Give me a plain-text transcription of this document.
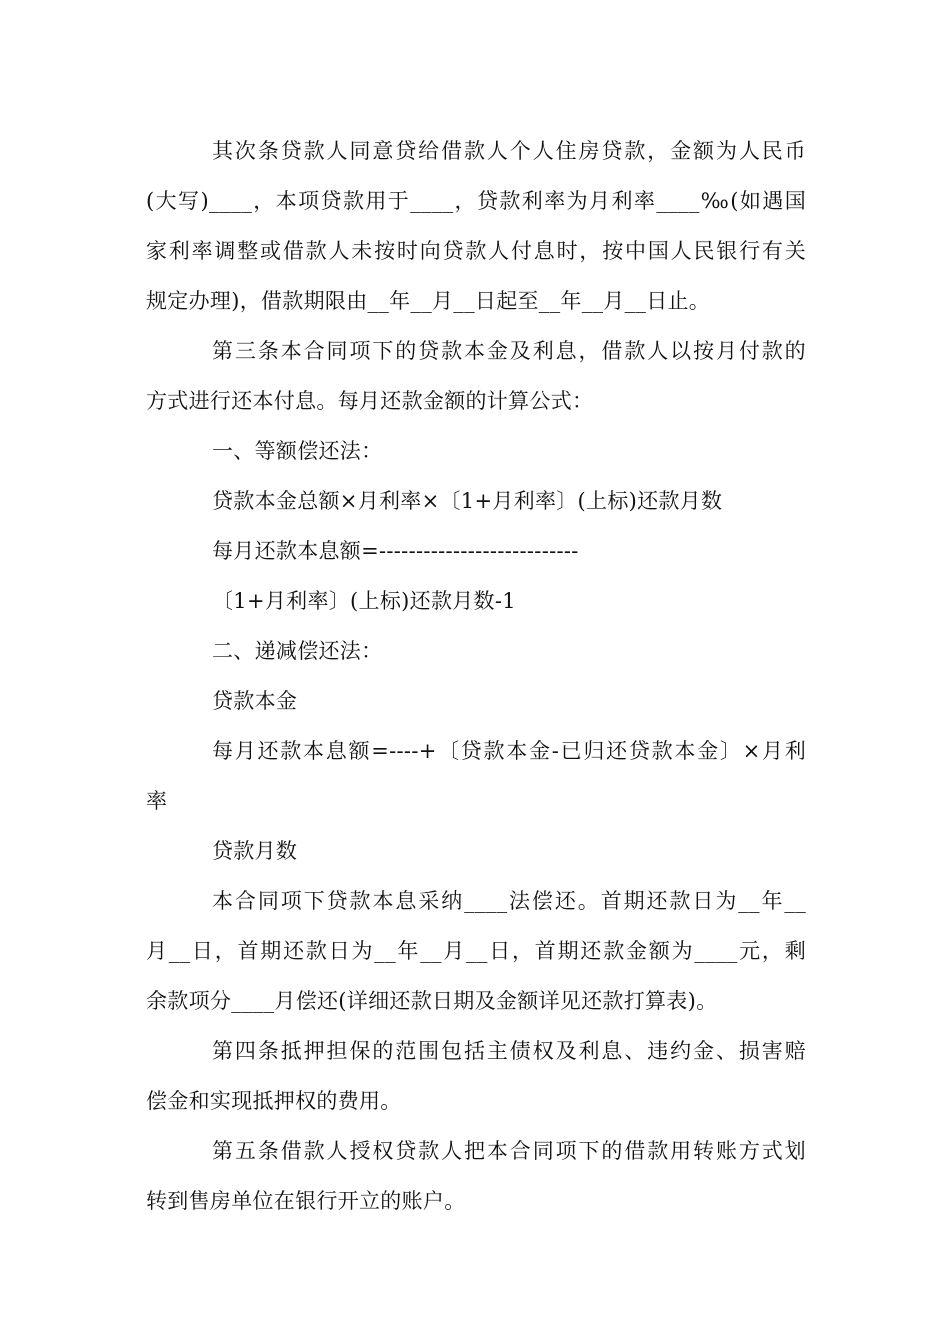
其次条贷款人同意贷给借款人个人住房贷款，金额为人民币
(大写)____，本项贷款用于____，贷款利率为月利率____‰(如遇国
家利率调整或借款人未按时向贷款人付息时，按中国人民银行有关
规定办理)，借款期限由__年__月__日起至__年__月__日止。
第三条本合同项下的贷款本金及利息，借款人以按月付款的
方式进行还本付息。每月还款金额的计算公式：
一、等额偿还法：
贷款本金总额×月利率×〔1+月利率〕(上标)还款月数
每月还款本息额=---------------------------
〔1+月利率〕(上标)还款月数-1
二、递减偿还法：
贷款本金
每月还款本息额=----+〔贷款本金-已归还贷款本金〕×月利
率
贷款月数
本合同项下贷款本息采纳____法偿还。首期还款日为__年__
月__日，首期还款日为__年__月__日，首期还款金额为____元，剩
余款项分____月偿还(详细还款日期及金额详见还款打算表)。
第四条抵押担保的范围包括主债权及利息、违约金、损害赔
偿金和实现抵押权的费用。
第五条借款人授权贷款人把本合同项下的借款用转账方式划
转到售房单位在银行开立的账户。
